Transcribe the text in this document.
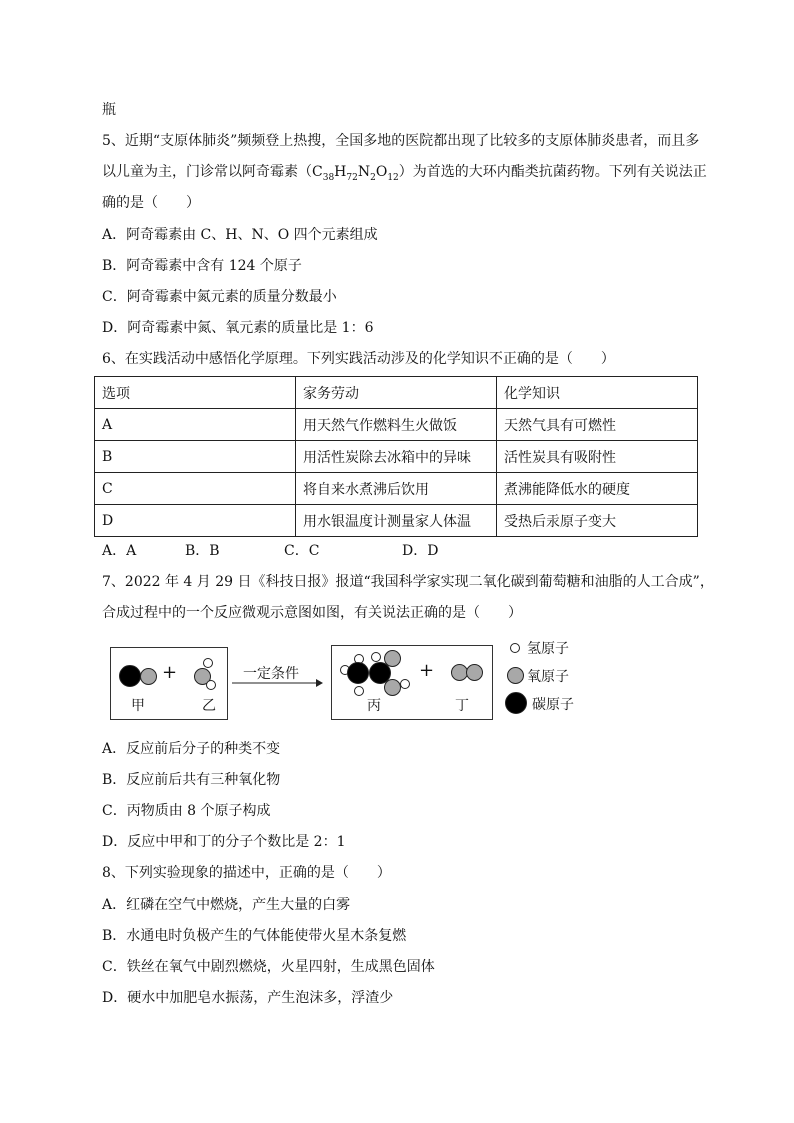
瓶
5、近期“支原体肺炎”频频登上热搜，全国多地的医院都出现了比较多的支原体肺炎患者，而且多
以儿童为主，门诊常以阿奇霉素$(C_{38}H_{72}N_2O_{12})$为首选的大环内酯类抗菌药物。下列有关说法正
确的是（　　）
A．阿奇霉素由 C、H、N、O 四个元素组成
B．阿奇霉素中含有 124 个原子
C．阿奇霉素中氮元素的质量分数最小
D．阿奇霉素中氮、氧元素的质量比是 1：6
6、在实践活动中感悟化学原理。下列实践活动涉及的化学知识不正确的是（　　）
选项	家务劳动	化学知识
A	用天然气作燃料生火做饭	天然气具有可燃性
B	用活性炭除去冰箱中的异味	活性炭具有吸附性
C	将自来水煮沸后饮用	煮沸能降低水的硬度
D	用水银温度计测量家人体温	受热后汞原子变大
A．A	B．B	C．C	D．D
7、2022 年 4 月 29 日《科技日报》报道“我国科学家实现二氧化碳到葡萄糖和油脂的人工合成”，
合成过程中的一个反应微观示意图如图，有关说法正确的是（　　）
甲
+
乙
一定条件
丙
+
丁
氢原子
氧原子
碳原子
A．反应前后分子的种类不变
B．反应前后共有三种氧化物
C．丙物质由 8 个原子构成
D．反应中甲和丁的分子个数比是 2：1
8、下列实验现象的描述中，正确的是（　　）
A．红磷在空气中燃烧，产生大量的白雾
B．水通电时负极产生的气体能使带火星木条复燃
C．铁丝在氧气中剧烈燃烧，火星四射，生成黑色固体
D．硬水中加肥皂水振荡，产生泡沫多，浮渣少
